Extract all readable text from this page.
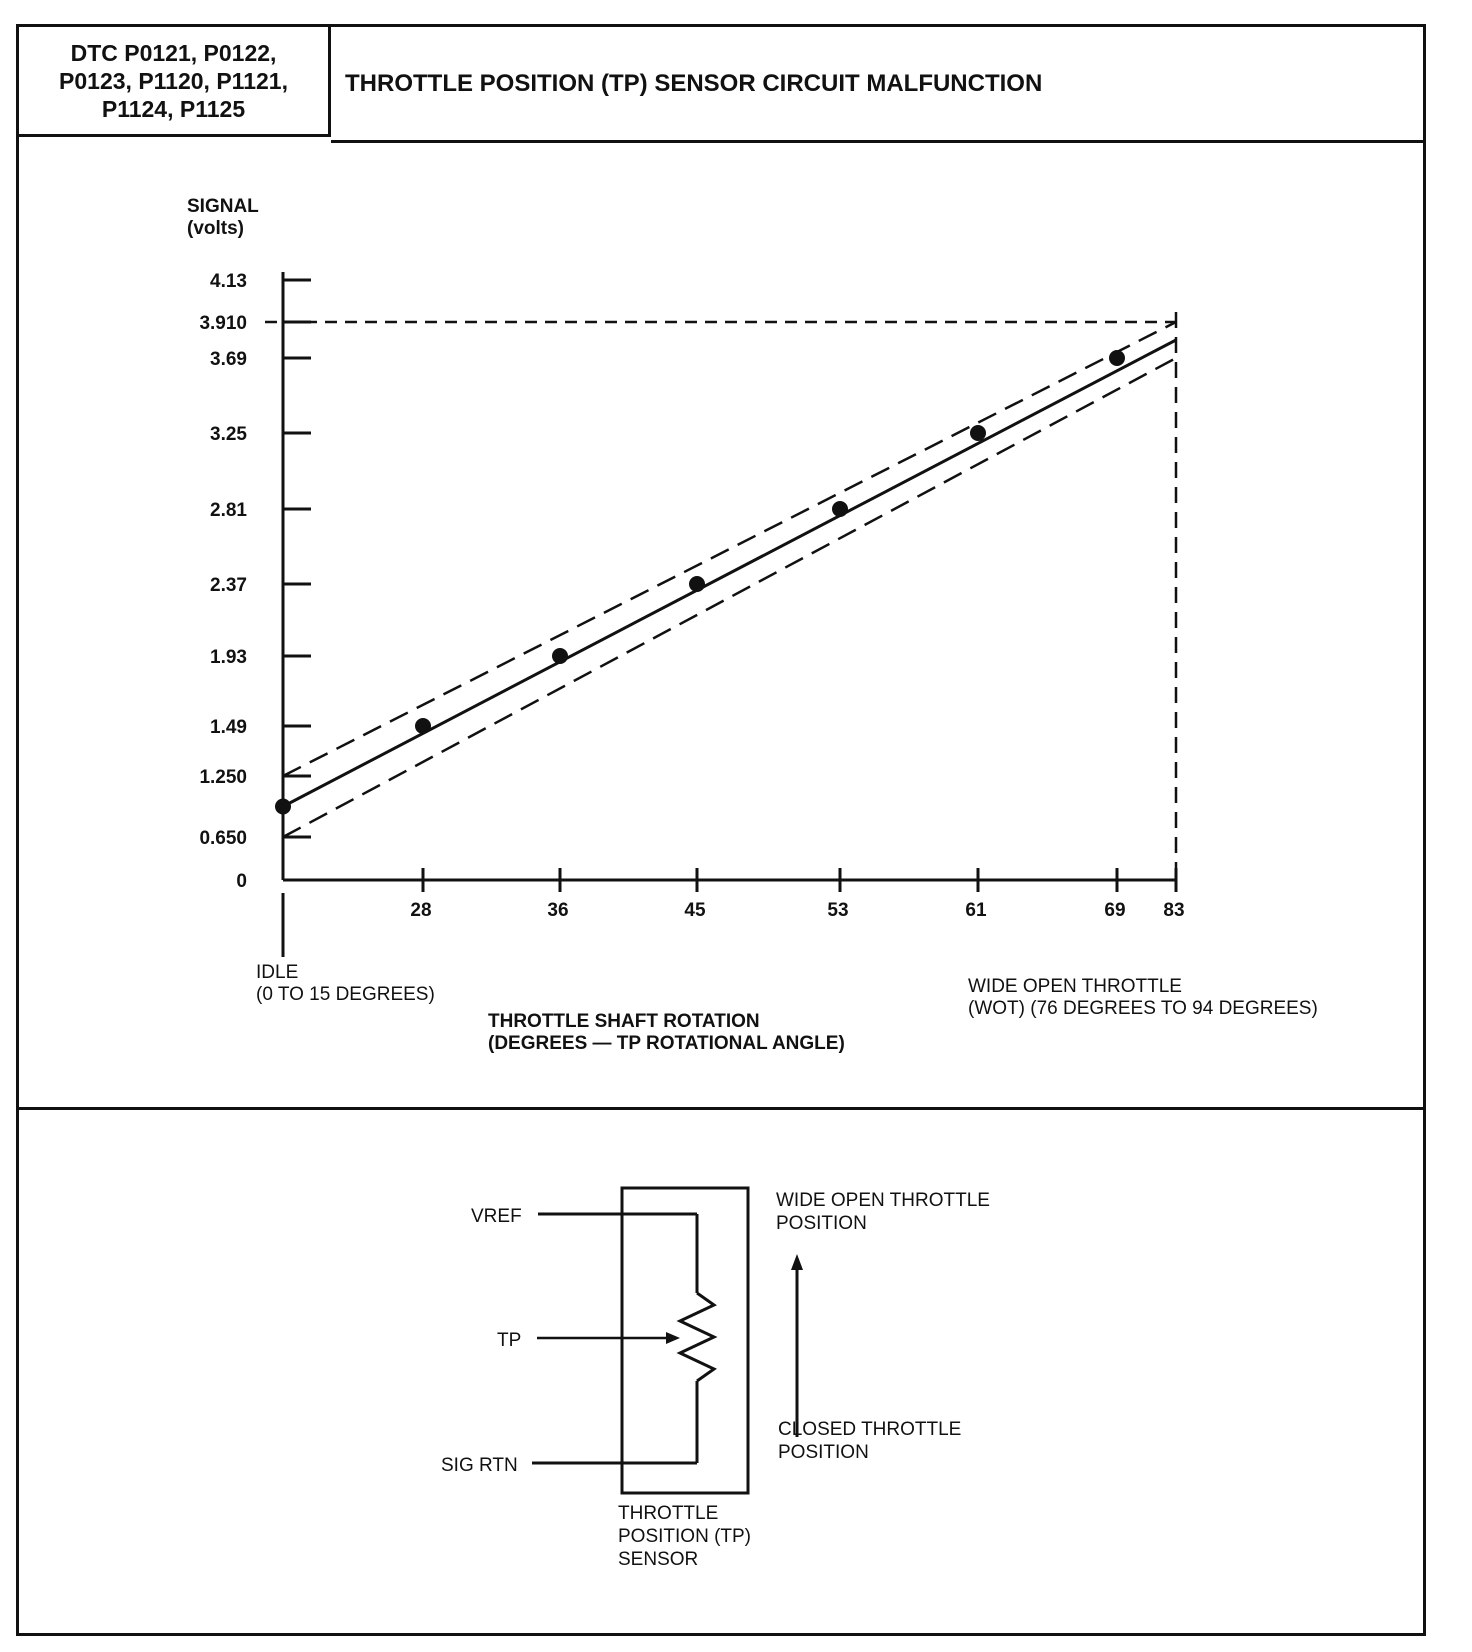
DTC P0121, P0122,
P0123, P1120, P1121,
P1124, P1125
THROTTLE POSITION (TP) SENSOR CIRCUIT MALFUNCTION
SIGNAL
(volts)
4.13
3.910
3.69
3.25
2.81
2.37
1.93
1.49
1.250
0.650
0
28	36	45	53	61	69 83
IDLE
(0 TO 15 DEGREES)
THROTTLE SHAFT ROTATION
(DEGREES — TP ROTATIONAL ANGLE)
WIDE OPEN THROTTLE
(WOT) (76 DEGREES TO 94 DEGREES)
VREF
TP
SIG RTN
THROTTLE
POSITION (TP)
SENSOR
WIDE OPEN THROTTLE
POSITION
CLOSED THROTTLE
POSITION
